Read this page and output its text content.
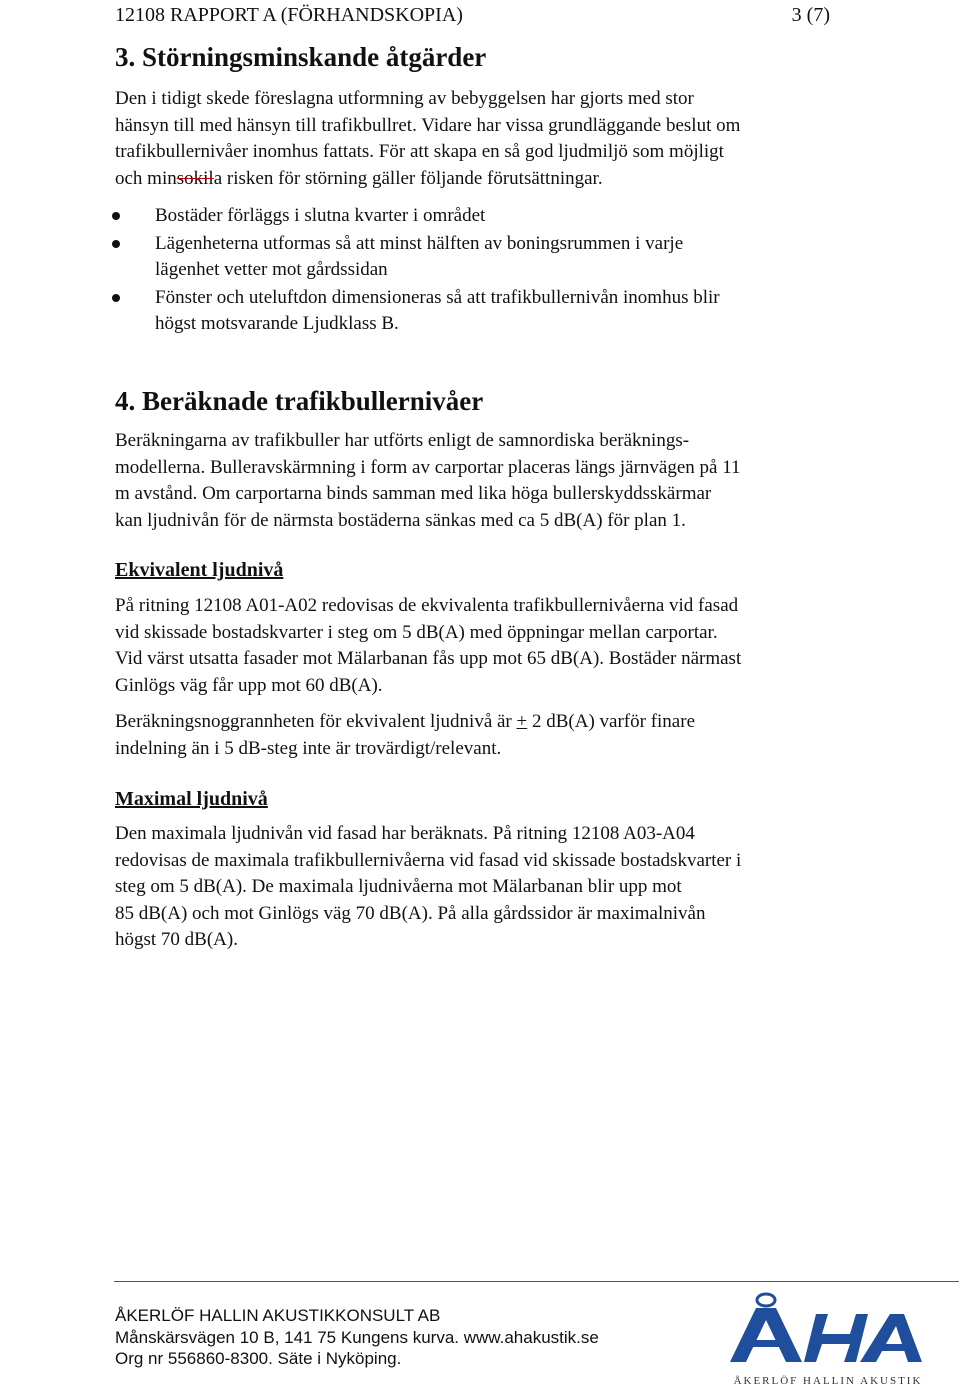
12108 RAPPORT A (FÖRHANDSKOPIA)	3 (7)
3. Störningsminskande åtgärder

Den i tidigt skede föreslagna utformning av bebyggelsen har gjorts med stor
hänsyn till med hänsyn till trafikbullret. Vidare har vissa grundläggande beslut om
trafikbullernivåer inomhus fattats. För att skapa en så god ljudmiljö som möjligt
och minsokila risken för störning gäller följande förutsättningar.

Bostäder förläggs i slutna kvarter i området
Lägenheterna utformas så att minst hälften av boningsrummen i varje
lägenhet vetter mot gårdssidan
Fönster och uteluftdon dimensioneras så att trafikbullernivån inomhus blir
högst motsvarande Ljudklass B.
4. Beräknade trafikbullernivåer

Beräkningarna av trafikbuller har utförts enligt de samnordiska beräknings-
modellerna. Bulleravskärmning i form av carportar placeras längs järnvägen på 11
m avstånd. Om carportarna binds samman med lika höga bullerskyddsskärmar
kan ljudnivån för de närmsta bostäderna sänkas med ca 5 dB(A) för plan 1.

Ekvivalent ljudnivå

På ritning 12108 A01-A02 redovisas de ekvivalenta trafikbullernivåerna vid fasad
vid skissade bostadskvarter i steg om 5 dB(A) med öppningar mellan carportar.
Vid värst utsatta fasader mot Mälarbanan fås upp mot 65 dB(A). Bostäder närmast
Ginlögs väg får upp mot 60 dB(A).

Beräkningsnoggrannheten för ekvivalent ljudnivå är + 2 dB(A) varför finare
indelning än i 5 dB-steg inte är trovärdigt/relevant.

Maximal ljudnivå

Den maximala ljudnivån vid fasad har beräknats. På ritning 12108 A03-A04
redovisas de maximala trafikbullernivåerna vid fasad vid skissade bostadskvarter i
steg om 5 dB(A). De maximala ljudnivåerna mot Mälarbanan blir upp mot
85 dB(A) och mot Ginlögs väg 70 dB(A). På alla gårdssidor är maximalnivån
högst 70 dB(A).

ÅKERLÖF HALLIN AKUSTIKKONSULT AB
Månskärsvägen 10 B, 141 75 Kungens kurva. www.ahakustik.se
Org nr 556860-8300. Säte i Nyköping.
ÅKERLÖF HALLIN AKUSTIK
